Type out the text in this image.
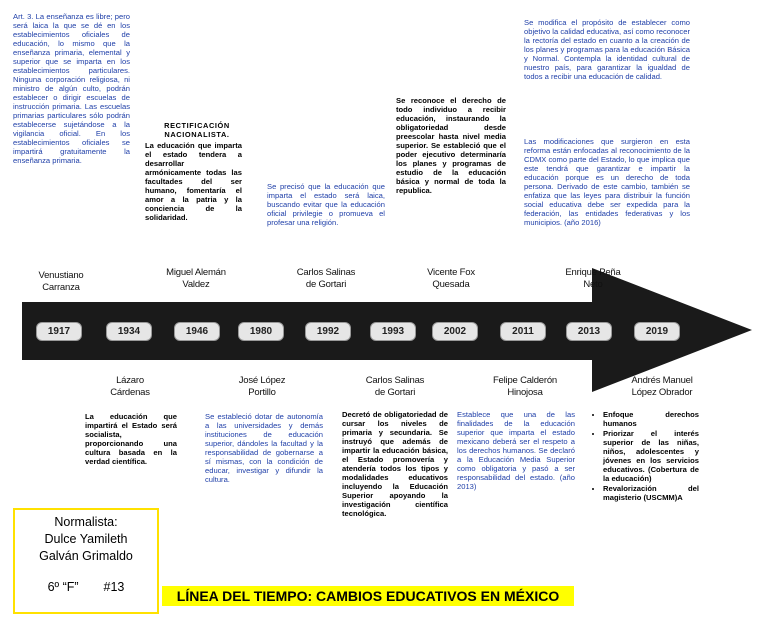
1917	1934	1946	1980	1992	1993	2002	2011	2013	2019
Art. 3. La enseñanza es libre; pero será laica la que se dé en los establecimientos oficiales de educación, lo mismo que la enseñanza primaria, elemental y superior que se imparta en los establecimientos particulares. Ninguna corporación religiosa, ni ministro de algún culto, podrán establecer o dirigir escuelas de instrucción primaria. Las escuelas primarias particulares sólo podrán establecerse sujetándose a la vigilancia oficial. En los establecimientos oficiales se impartirá gratuitamente la enseñanza primaria.
RECTIFICACIÓN NACIONALISTA.
La educación que imparta el estado tendera a desarrollar armónicamente todas las facultades del ser humano, fomentaría el amor a la patria y la conciencia de la solidaridad.
Se precisó que la educación que imparta el estado será laica, buscando evitar que la educación oficial privilegie o promueva el profesar una religión.
Se reconoce el derecho de todo individuo a recibir educación, instaurando la obligatoriedad desde preescolar hasta nivel media superior. Se estableció que el poder ejecutivo determinaría los planes y programas de estudio de la educación básica y normal de toda la republica.
Se modifica el propósito de establecer como objetivo la calidad educativa, así como reconocer la rectoría del estado en cuanto a la creación de los planes y programas para la educación Básica y Normal. Contempla la identidad cultural de nuestro país, para garantizar la igualdad de todos a recibir una educación de calidad.
Las modificaciones que surgieron en esta reforma están enfocadas al reconocimiento de la CDMX como parte del Estado, lo que implica que este tendrá que garantizar e impartir la educación porque es un derecho de toda persona. Derivado de este cambio, también se enfatiza que las leyes para distribuir la función social educativa debe ser expedida para la federación, las entidades federativas y los municipios. (año 2016)
Venustiano Carranza
Miguel Alemán Valdez
Carlos Salinas de Gortari
Vicente Fox Quesada
Enrique Peña Neto
Lázaro Cárdenas
José López Portillo
Carlos Salinas de Gortari
Felipe Calderón Hinojosa
Andrés Manuel López Obrador
La educación que impartirá el Estado será socialista, proporcionando una cultura basada en la verdad científica.
Se estableció dotar de autonomía a las universidades y demás instituciones de educación superior, dándoles la facultad y la responsabilidad de gobernarse a sí mismas, con la condición de educar, investigar y difundir la cultura.
Decretó de obligatoriedad de cursar los niveles de primaria y secundaria. Se instruyó que además de impartir la educación básica, el Estado promovería y atendería todos los tipos y modalidades educativos incluyendo la Educación Superior apoyando la investigación científica tecnológica.
Establece que una de las finalidades de la educación superior que imparta el estado mexicano deberá ser el respeto a los derechos humanos. Se declaró a la Educación Media Superior como obligatoria y pasó a ser responsabilidad del estado. (año 2013)
• Enfoque derechos humanos
• Priorizar el interés superior de las niñas, niños, adolescentes y jóvenes en los servicios educativos. (Cobertura de la educación)
• Revalorización del magisterio (USCMM)A
Normalista:
Dulce Yamileth
Galván Grimaldo
6º “F” #13
LÍNEA DEL TIEMPO: CAMBIOS EDUCATIVOS EN MÉXICO
